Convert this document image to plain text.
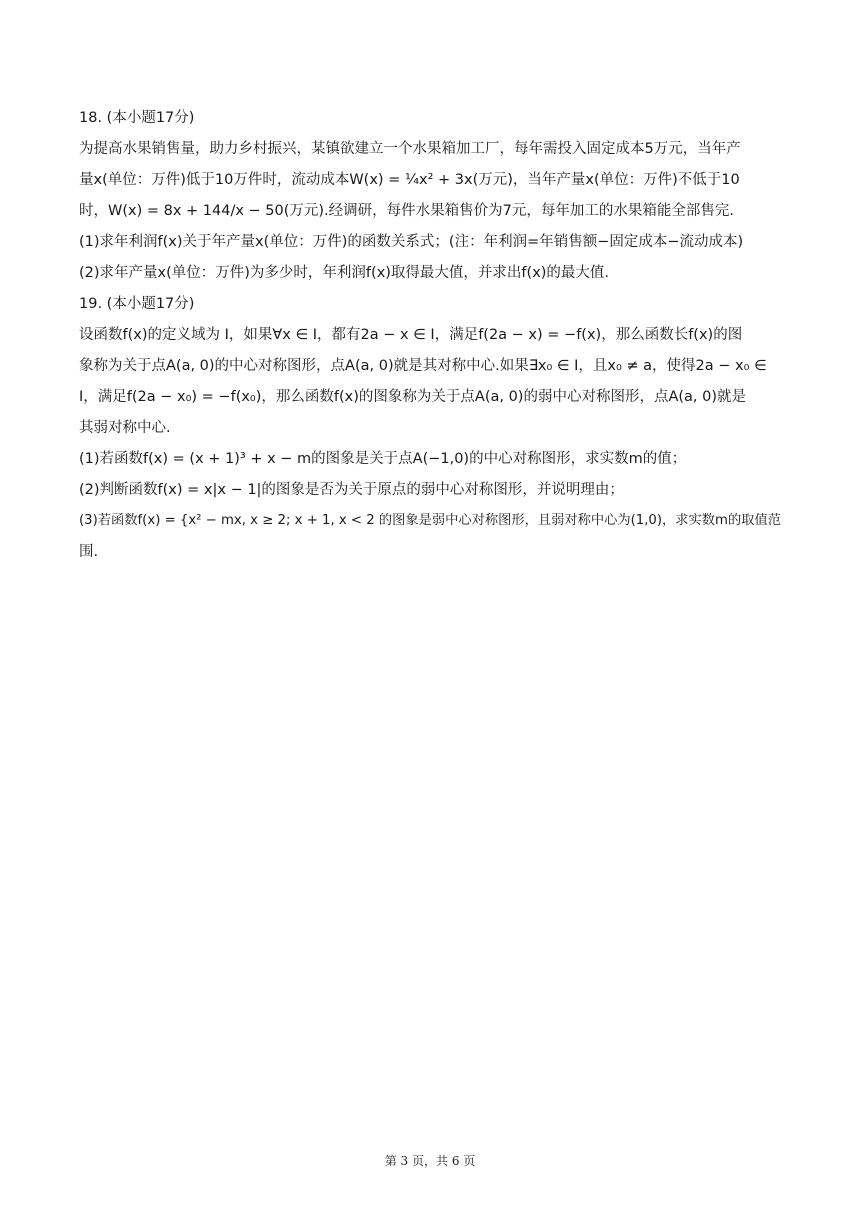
18. (本小题17分)
为提高水果销售量，助力乡村振兴，某镇欲建立一个水果箱加工厂，每年需投入固定成本5万元，当年产
量x(单位：万件)低于10万件时，流动成本W(x) = ¼x² + 3x(万元)，当年产量x(单位：万件)不低于10
时，W(x) = 8x + 144/x − 50(万元).经调研，每件水果箱售价为7元，每年加工的水果箱能全部售完.
(1)求年利润f(x)关于年产量x(单位：万件)的函数关系式；(注：年利润=年销售额−固定成本−流动成本)
(2)求年产量x(单位：万件)为多少时，年利润f(x)取得最大值，并求出f(x)的最大值.
19. (本小题17分)
设函数f(x)的定义域为 I，如果∀x ∈ I，都有2a − x ∈ I，满足f(2a − x) = −f(x)，那么函数长f(x)的图
象称为关于点A(a, 0)的中心对称图形，点A(a, 0)就是其对称中心.如果∃x₀ ∈ I，且x₀ ≠ a，使得2a − x₀ ∈
I，满足f(2a − x₀) = −f(x₀)，那么函数f(x)的图象称为关于点A(a, 0)的弱中心对称图形，点A(a, 0)就是
其弱对称中心.
(1)若函数f(x) = (x + 1)³ + x − m的图象是关于点A(−1,0)的中心对称图形，求实数m的值；
(2)判断函数f(x) = x|x − 1|的图象是否为关于原点的弱中心对称图形，并说明理由；
(3)若函数f(x) = {x² − mx, x ≥ 2; x + 1, x < 2 的图象是弱中心对称图形，且弱对称中心为(1,0)，求实数m的取值范
围.
第 3 页，共 6 页
